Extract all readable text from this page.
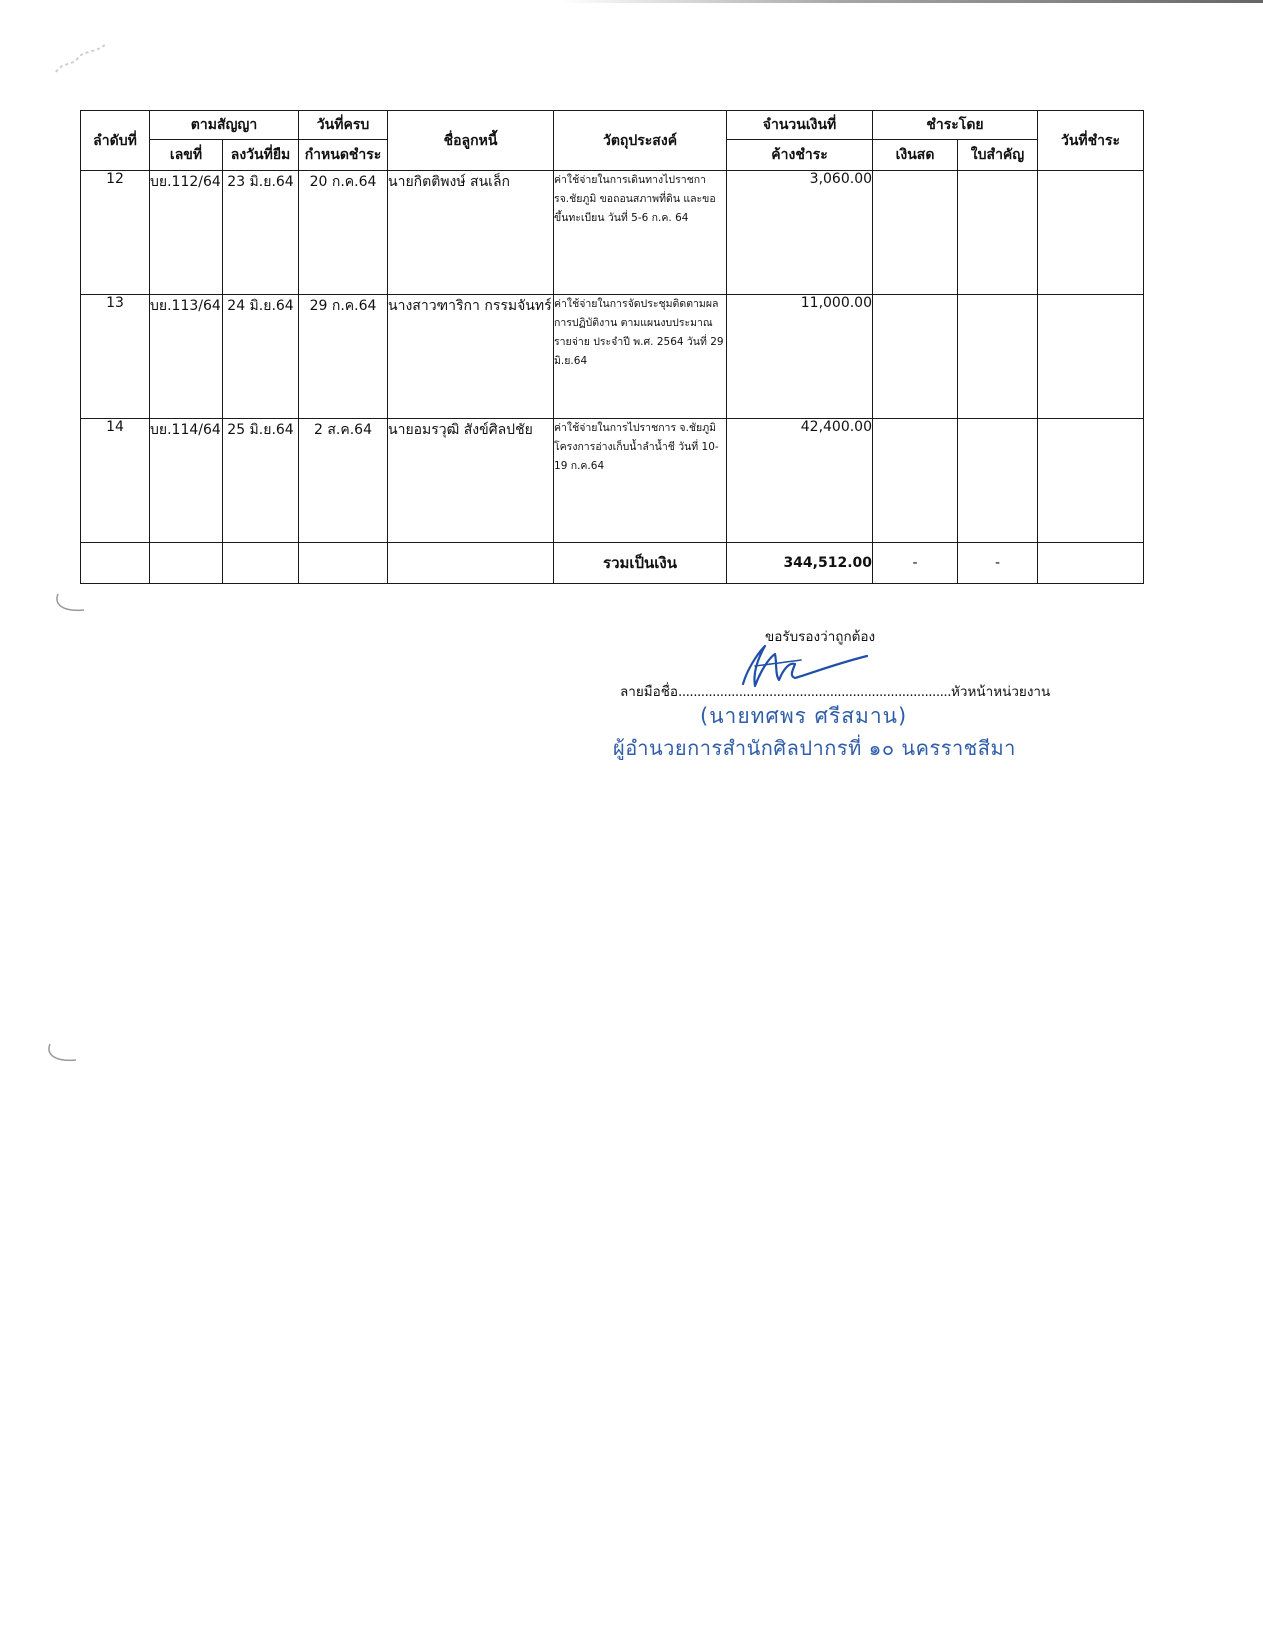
ลำดับที่	ตามสัญญา		วันที่ครบ	ชื่อลูกหนี้	วัตถุประสงค์	จำนวนเงินที่	ชำระโดย		วันที่ชำระ
	เลขที่	ลงวันที่ยืม	กำหนดชำระ			ค้างชำระ	เงินสด	ใบสำคัญ	
12	บย.112/64	23 มิ.ย.64	20 ก.ค.64	นายกิตติพงษ์ สนเล็ก	ค่าใช้จ่ายในการเดินทางไปราชการจ.ชัยภูมิ ขอถอนสภาพที่ดิน และขอขึ้นทะเบียน วันที่ 5-6 ก.ค. 64	3,060.00			
13	บย.113/64	24 มิ.ย.64	29 ก.ค.64	นางสาวฑาริกา กรรมจันทร์	ค่าใช้จ่ายในการจัดประชุมติดตามผลการปฏิบัติงาน ตามแผนงบประมาณรายจ่าย ประจำปี พ.ศ. 2564 วันที่ 29 มิ.ย.64	11,000.00			
14	บย.114/64	25 มิ.ย.64	2 ส.ค.64	นายอมรวุฒิ สังข์ศิลปชัย	ค่าใช้จ่ายในการไปราชการ จ.ชัยภูมิ โครงการอ่างเก็บน้ำลำน้ำชี วันที่ 10-19 ก.ค.64	42,400.00			
					รวมเป็นเงิน	344,512.00	-	-	
ขอรับรองว่าถูกต้อง
ลายมือชื่อ........................................................................หัวหน้าหน่วยงาน
(นายทศพร ศรีสมาน)
ผู้อำนวยการสำนักศิลปากรที่ ๑๐ นครราชสีมา
